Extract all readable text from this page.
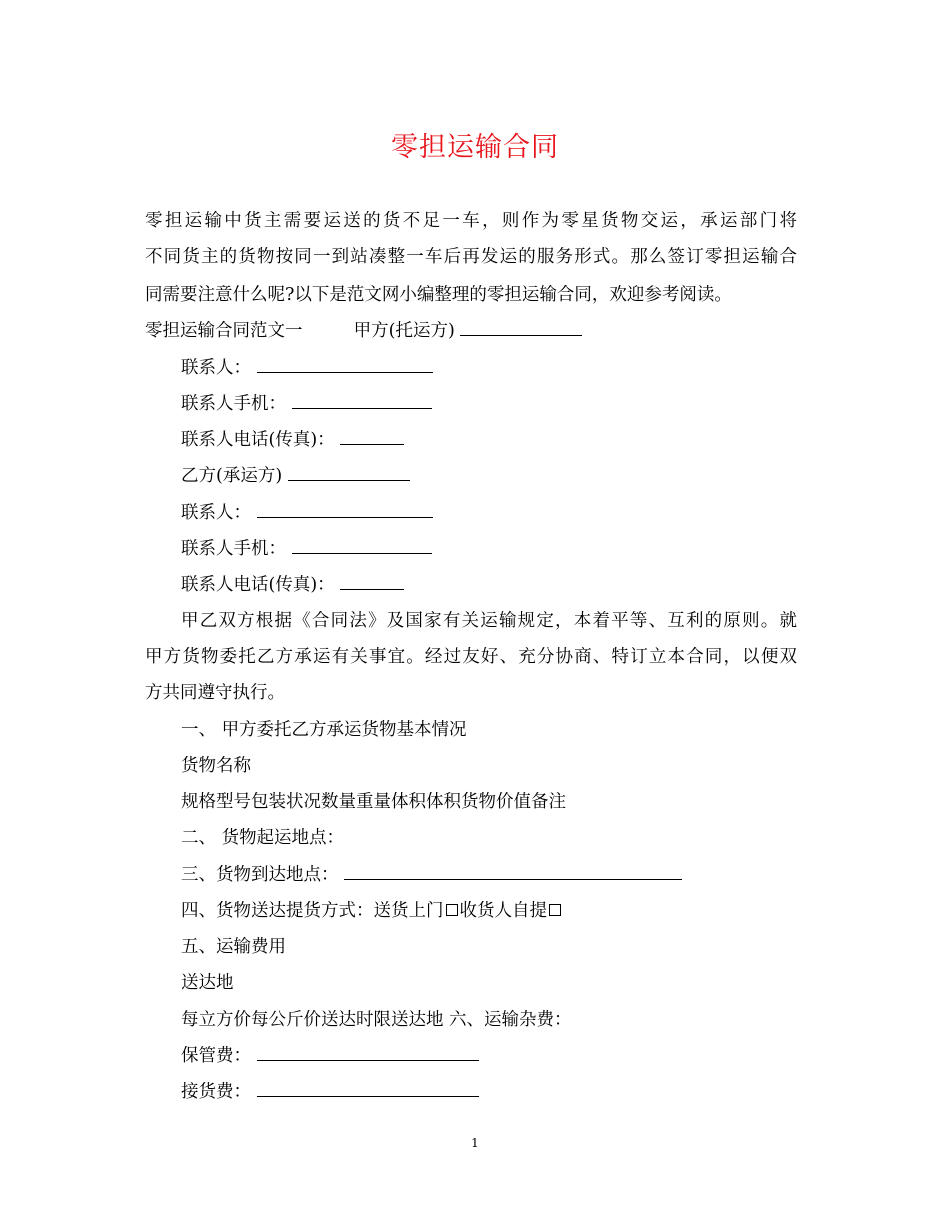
零担运输合同
零担运输中货主需要运送的货不足一车，则作为零星货物交运，承运部门将
不同货主的货物按同一到站凑整一车后再发运的服务形式。那么签订零担运输合
同需要注意什么呢?以下是范文网小编整理的零担运输合同，欢迎参考阅读。
零担运输合同范文一	甲方(托运方)
联系人：
联系人手机：
联系人电话(传真)：
乙方(承运方)
联系人：
联系人手机：
联系人电话(传真)：
甲乙双方根据《合同法》及国家有关运输规定，本着平等、互利的原则。就
甲方货物委托乙方承运有关事宜。经过友好、充分协商、特订立本合同，以便双
方共同遵守执行。
一、 甲方委托乙方承运货物基本情况
货物名称
规格型号包装状况数量重量体积体积货物价值备注
二、 货物起运地点：
三、货物到达地点：
四、货物送达提货方式：送货上门 收货人自提
五、运输费用
送达地
每立方价每公斤价送达时限送达地 六、运输杂费：
保管费：
接货费：
1
